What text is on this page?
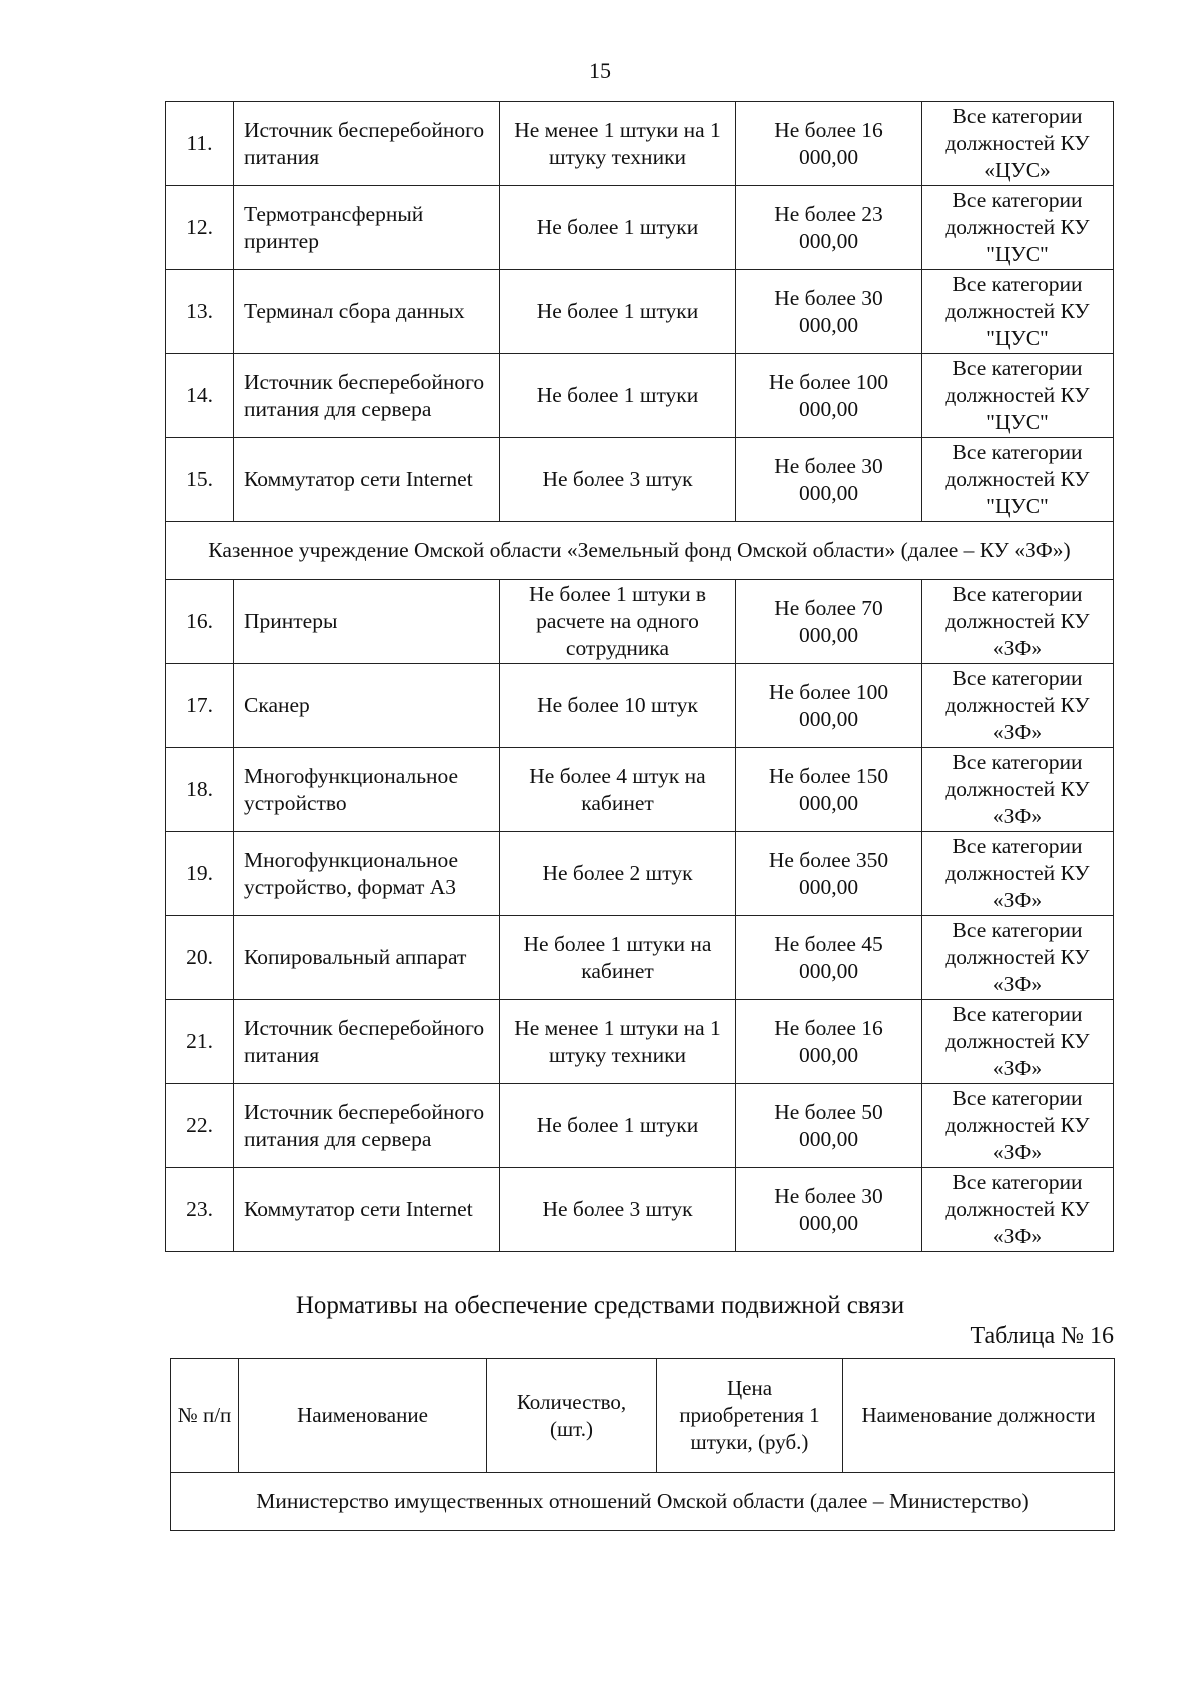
15
11.	Источник бесперебойного питания	Не менее 1 штуки на 1 штуку техники	Не более 16 000,00	Все категории должностей КУ «ЦУС»
12.	Термотрансферный принтер	Не более 1 штуки	Не более 23 000,00	Все категории должностей КУ "ЦУС"
13.	Терминал сбора данных	Не более 1 штуки	Не более 30 000,00	Все категории должностей КУ "ЦУС"
14.	Источник бесперебойного питания для сервера	Не более 1 штуки	Не более 100 000,00	Все категории должностей КУ "ЦУС"
15.	Коммутатор сети Internet	Не более 3 штук	Не более 30 000,00	Все категории должностей КУ "ЦУС"
Казенное учреждение Омской области «Земельный фонд Омской области» (далее – КУ «ЗФ»)				
16.	Принтеры	Не более 1 штуки в расчете на одного сотрудника	Не более 70 000,00	Все категории должностей КУ «ЗФ»
17.	Сканер	Не более 10 штук	Не более 100 000,00	Все категории должностей КУ «ЗФ»
18.	Многофункциональное устройство	Не более 4 штук на кабинет	Не более 150 000,00	Все категории должностей КУ «ЗФ»
19.	Многофункциональное устройство, формат А3	Не более 2 штук	Не более 350 000,00	Все категории должностей КУ «ЗФ»
20.	Копировальный аппарат	Не более 1 штуки на кабинет	Не более 45 000,00	Все категории должностей КУ «ЗФ»
21.	Источник бесперебойного питания	Не менее 1 штуки на 1 штуку техники	Не более 16 000,00	Все категории должностей КУ «ЗФ»
22.	Источник бесперебойного питания для сервера	Не более 1 штуки	Не более 50 000,00	Все категории должностей КУ «ЗФ»
23.	Коммутатор сети Internet	Не более 3 штук	Не более 30 000,00	Все категории должностей КУ «ЗФ»
Нормативы на обеспечение средствами подвижной связи
Таблица № 16
№ п/п	Наименование	Количество, (шт.)	Цена приобретения 1 штуки, (руб.)	Наименование должности
Министерство имущественных отношений Омской области (далее – Министерство)
